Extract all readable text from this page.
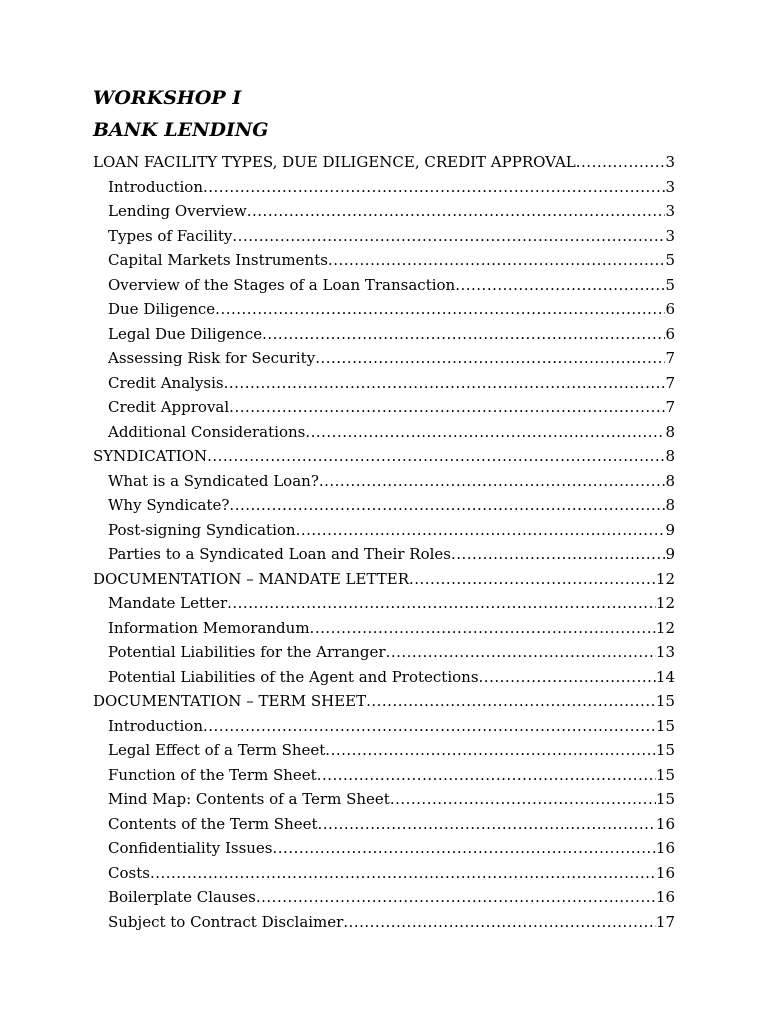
WORKSHOP I
BANK LENDING
LOAN FACILITY TYPES, DUE DILIGENCE, CREDIT APPROVAL .....	3
Introduction .....	3
Lending Overview .....	3
Types of Facility .....	3
Capital Markets Instruments .....	5
Overview of the Stages of a Loan Transaction .....	5
Due Diligence .....	6
Legal Due Diligence .....	6
Assessing Risk for Security .....	7
Credit Analysis .....	7
Credit Approval .....	7
Additional Considerations .....	8
SYNDICATION .....	8
What is a Syndicated Loan? .....	8
Why Syndicate? .....	8
Post-signing Syndication .....	9
Parties to a Syndicated Loan and Their Roles .....	9
DOCUMENTATION – MANDATE LETTER .....	12
Mandate Letter .....	12
Information Memorandum .....	12
Potential Liabilities for the Arranger .....	13
Potential Liabilities of the Agent and Protections .....	14
DOCUMENTATION – TERM SHEET .....	15
Introduction .....	15
Legal Effect of a Term Sheet .....	15
Function of the Term Sheet .....	15
Mind Map: Contents of a Term Sheet .....	15
Contents of the Term Sheet .....	16
Confidentiality Issues .....	16
Costs .....	16
Boilerplate Clauses .....	16
Subject to Contract Disclaimer .....	17
